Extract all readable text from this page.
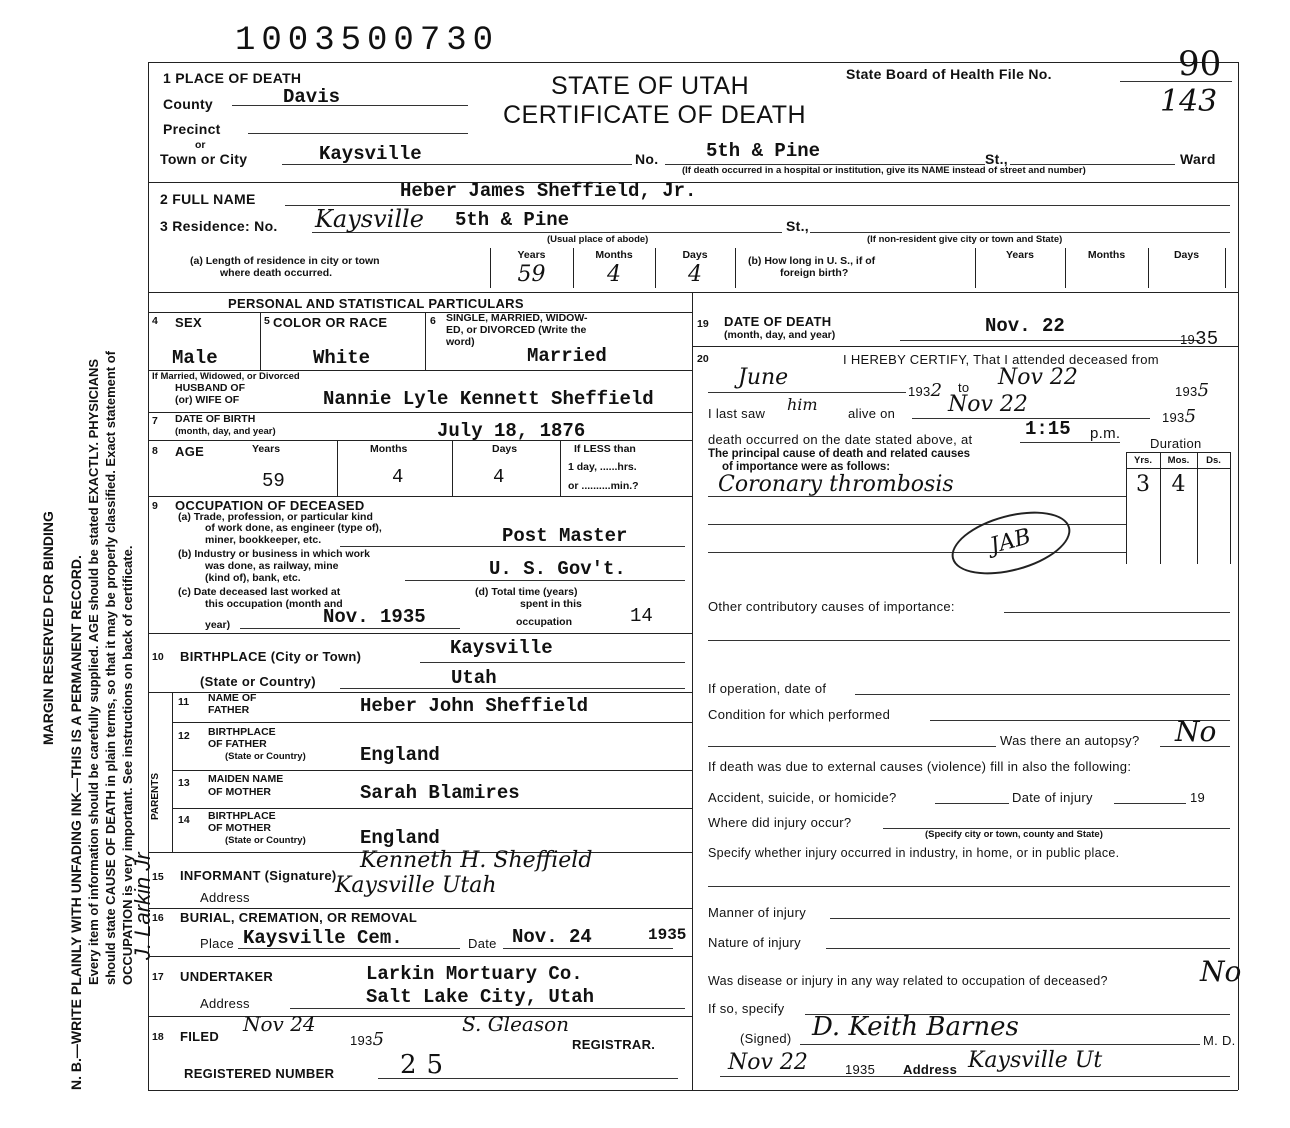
MARGIN RESERVED FOR BINDING N. B.—WRITE PLAINLY WITH UNFADING INK—THIS IS A PERMANENT RECORD. Every item of information should be carefully supplied. AGE should be stated EXACTLY. PHYSICIANS should state CAUSE OF DEATH in plain terms, so that it may be properly classified. Exact statement of OCCUPATION is very important. See instructions on back of certificate.
J. Larkin Jr
1003500730
STATE OF UTAH
CERTIFICATE OF DEATH
State Board of Health File No.	90
143
1 PLACE OF DEATH
County	Davis
Precinct
or
Town or City	Kaysville	No.	5th & Pine	St.,	Ward
(If death occurred in a hospital or institution, give its NAME instead of street and number)
2 FULL NAME	Heber James Sheffield, Jr.
3 Residence: No. Kaysville 5th & Pine	St.,
(Usual place of abode)	(If non-resident give city or town and State)
(a) Length of residence in city or town
where death occurred.
Years	Months	Days
59	4	4
(b) How long in U. S., if of
foreign birth?
Years	Months	Days
PERSONAL AND STATISTICAL PARTICULARS
4 SEX	5 COLOR OR RACE	6 SINGLE, MARRIED, WIDOW-
ED, or DIVORCED (Write the
word)
Male	White	Married
If Married, Widowed, or Divorced
HUSBAND OF
(or) WIFE OF	Nannie Lyle Kennett Sheffield
7 DATE OF BIRTH
(month, day, and year)	July 18, 1876
8 AGE	Years	Months	Days
59	4	4
If LESS than
1 day, ......hrs.
or ..........min.?
9 OCCUPATION OF DECEASED
(a) Trade, profession, or particular kind
of work done, as engineer (type of),
miner, bookkeeper, etc.	Post Master
(b) Industry or business in which work
was done, as railway, mine
(kind of), bank, etc.	U. S. Gov't.
(c) Date deceased last worked at
this occupation (month and
year)	Nov. 1935
(d) Total time (years)
spent in this
occupation	14
10 BIRTHPLACE (City or Town)	Kaysville
(State or Country)	Utah
PARENTS
11 NAME OF
FATHER	Heber John Sheffield
12 BIRTHPLACE
OF FATHER
(State or Country)	England
13 MAIDEN NAME
OF MOTHER	Sarah Blamires
14 BIRTHPLACE
OF MOTHER
(State or Country)	England
15 INFORMANT (Signature)
Kenneth H. Sheffield
Address	Kaysville Utah
16 BURIAL, CREMATION, OR REMOVAL
Place Kaysville Cem.	Date Nov. 24	1935
17 UNDERTAKER	Larkin Mortuary Co.
Address	Salt Lake City, Utah
18 FILED
Nov 24
1935
S. Gleason
REGISTRAR.
REGISTERED NUMBER	25
19 DATE OF DEATH
(month, day, and year)	Nov. 22
1935
20	I HEREBY CERTIFY, That I attended deceased from
June
1932 to Nov 22
1935
I last saw him alive on Nov 22
1935
death occurred on the date stated above, at	1:15 p.m.
Duration
Yrs.	Mos.	Ds.
The principal cause of death and related causes
of importance were as follows:
Coronary thrombosis	3 4
JAB
Other contributory causes of importance:
If operation, date of
Condition for which performed
Was there an autopsy? No
If death was due to external causes (violence) fill in also the following:
Accident, suicide, or homicide?	Date of injury	19
Where did injury occur?
(Specify city or town, county and State)
Specify whether injury occurred in industry, in home, or in public place.
Manner of injury
Nature of injury
Was disease or injury in any way related to occupation of deceased?	No
If so, specify
(Signed) D. Keith Barnes	M. D.
Nov 22	1935 Address Kaysville Ut
